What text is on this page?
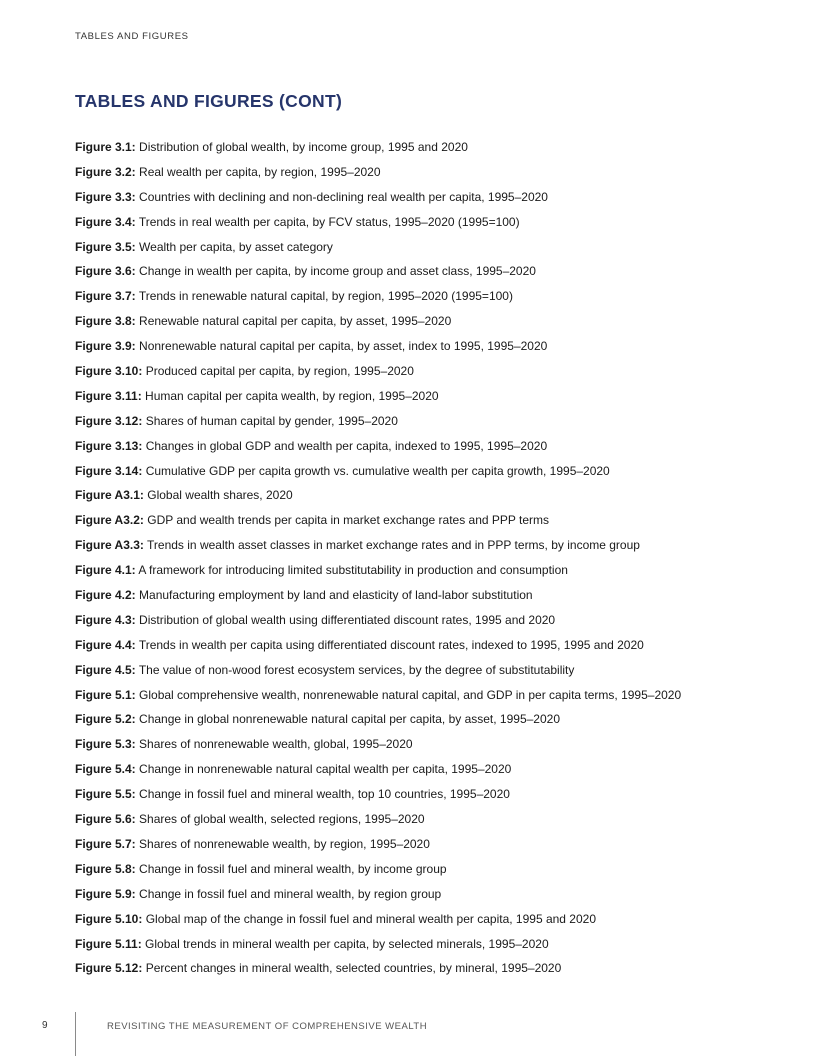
TABLES AND FIGURES
TABLES AND FIGURES (CONT)
Figure 3.1: Distribution of global wealth, by income group, 1995 and 2020
Figure 3.2: Real wealth per capita, by region, 1995–2020
Figure 3.3: Countries with declining and non-declining real wealth per capita, 1995–2020
Figure 3.4: Trends in real wealth per capita, by FCV status, 1995–2020 (1995=100)
Figure 3.5: Wealth per capita, by asset category
Figure 3.6: Change in wealth per capita, by income group and asset class, 1995–2020
Figure 3.7: Trends in renewable natural capital, by region, 1995–2020 (1995=100)
Figure 3.8: Renewable natural capital per capita, by asset, 1995–2020
Figure 3.9: Nonrenewable natural capital per capita, by asset, index to 1995, 1995–2020
Figure 3.10: Produced capital per capita, by region, 1995–2020
Figure 3.11: Human capital per capita wealth, by region, 1995–2020
Figure 3.12: Shares of human capital by gender, 1995–2020
Figure 3.13: Changes in global GDP and wealth per capita, indexed to 1995, 1995–2020
Figure 3.14: Cumulative GDP per capita growth vs. cumulative wealth per capita growth, 1995–2020
Figure A3.1: Global wealth shares, 2020
Figure A3.2: GDP and wealth trends per capita in market exchange rates and PPP terms
Figure A3.3: Trends in wealth asset classes in market exchange rates and in PPP terms, by income group
Figure 4.1: A framework for introducing limited substitutability in production and consumption
Figure 4.2: Manufacturing employment by land and elasticity of land-labor substitution
Figure 4.3: Distribution of global wealth using differentiated discount rates, 1995 and 2020
Figure 4.4: Trends in wealth per capita using differentiated discount rates, indexed to 1995, 1995 and 2020
Figure 4.5: The value of non-wood forest ecosystem services, by the degree of substitutability
Figure 5.1: Global comprehensive wealth, nonrenewable natural capital, and GDP in per capita terms, 1995–2020
Figure 5.2: Change in global nonrenewable natural capital per capita, by asset, 1995–2020
Figure 5.3: Shares of nonrenewable wealth, global, 1995–2020
Figure 5.4: Change in nonrenewable natural capital wealth per capita, 1995–2020
Figure 5.5: Change in fossil fuel and mineral wealth, top 10 countries, 1995–2020
Figure 5.6: Shares of global wealth, selected regions, 1995–2020
Figure 5.7: Shares of nonrenewable wealth, by region, 1995–2020
Figure 5.8: Change in fossil fuel and mineral wealth, by income group
Figure 5.9: Change in fossil fuel and mineral wealth, by region group
Figure 5.10: Global map of the change in fossil fuel and mineral wealth per capita, 1995 and 2020
Figure 5.11: Global trends in mineral wealth per capita, by selected minerals, 1995–2020
Figure 5.12: Percent changes in mineral wealth, selected countries, by mineral, 1995–2020
9	REVISITING THE MEASUREMENT OF COMPREHENSIVE WEALTH
